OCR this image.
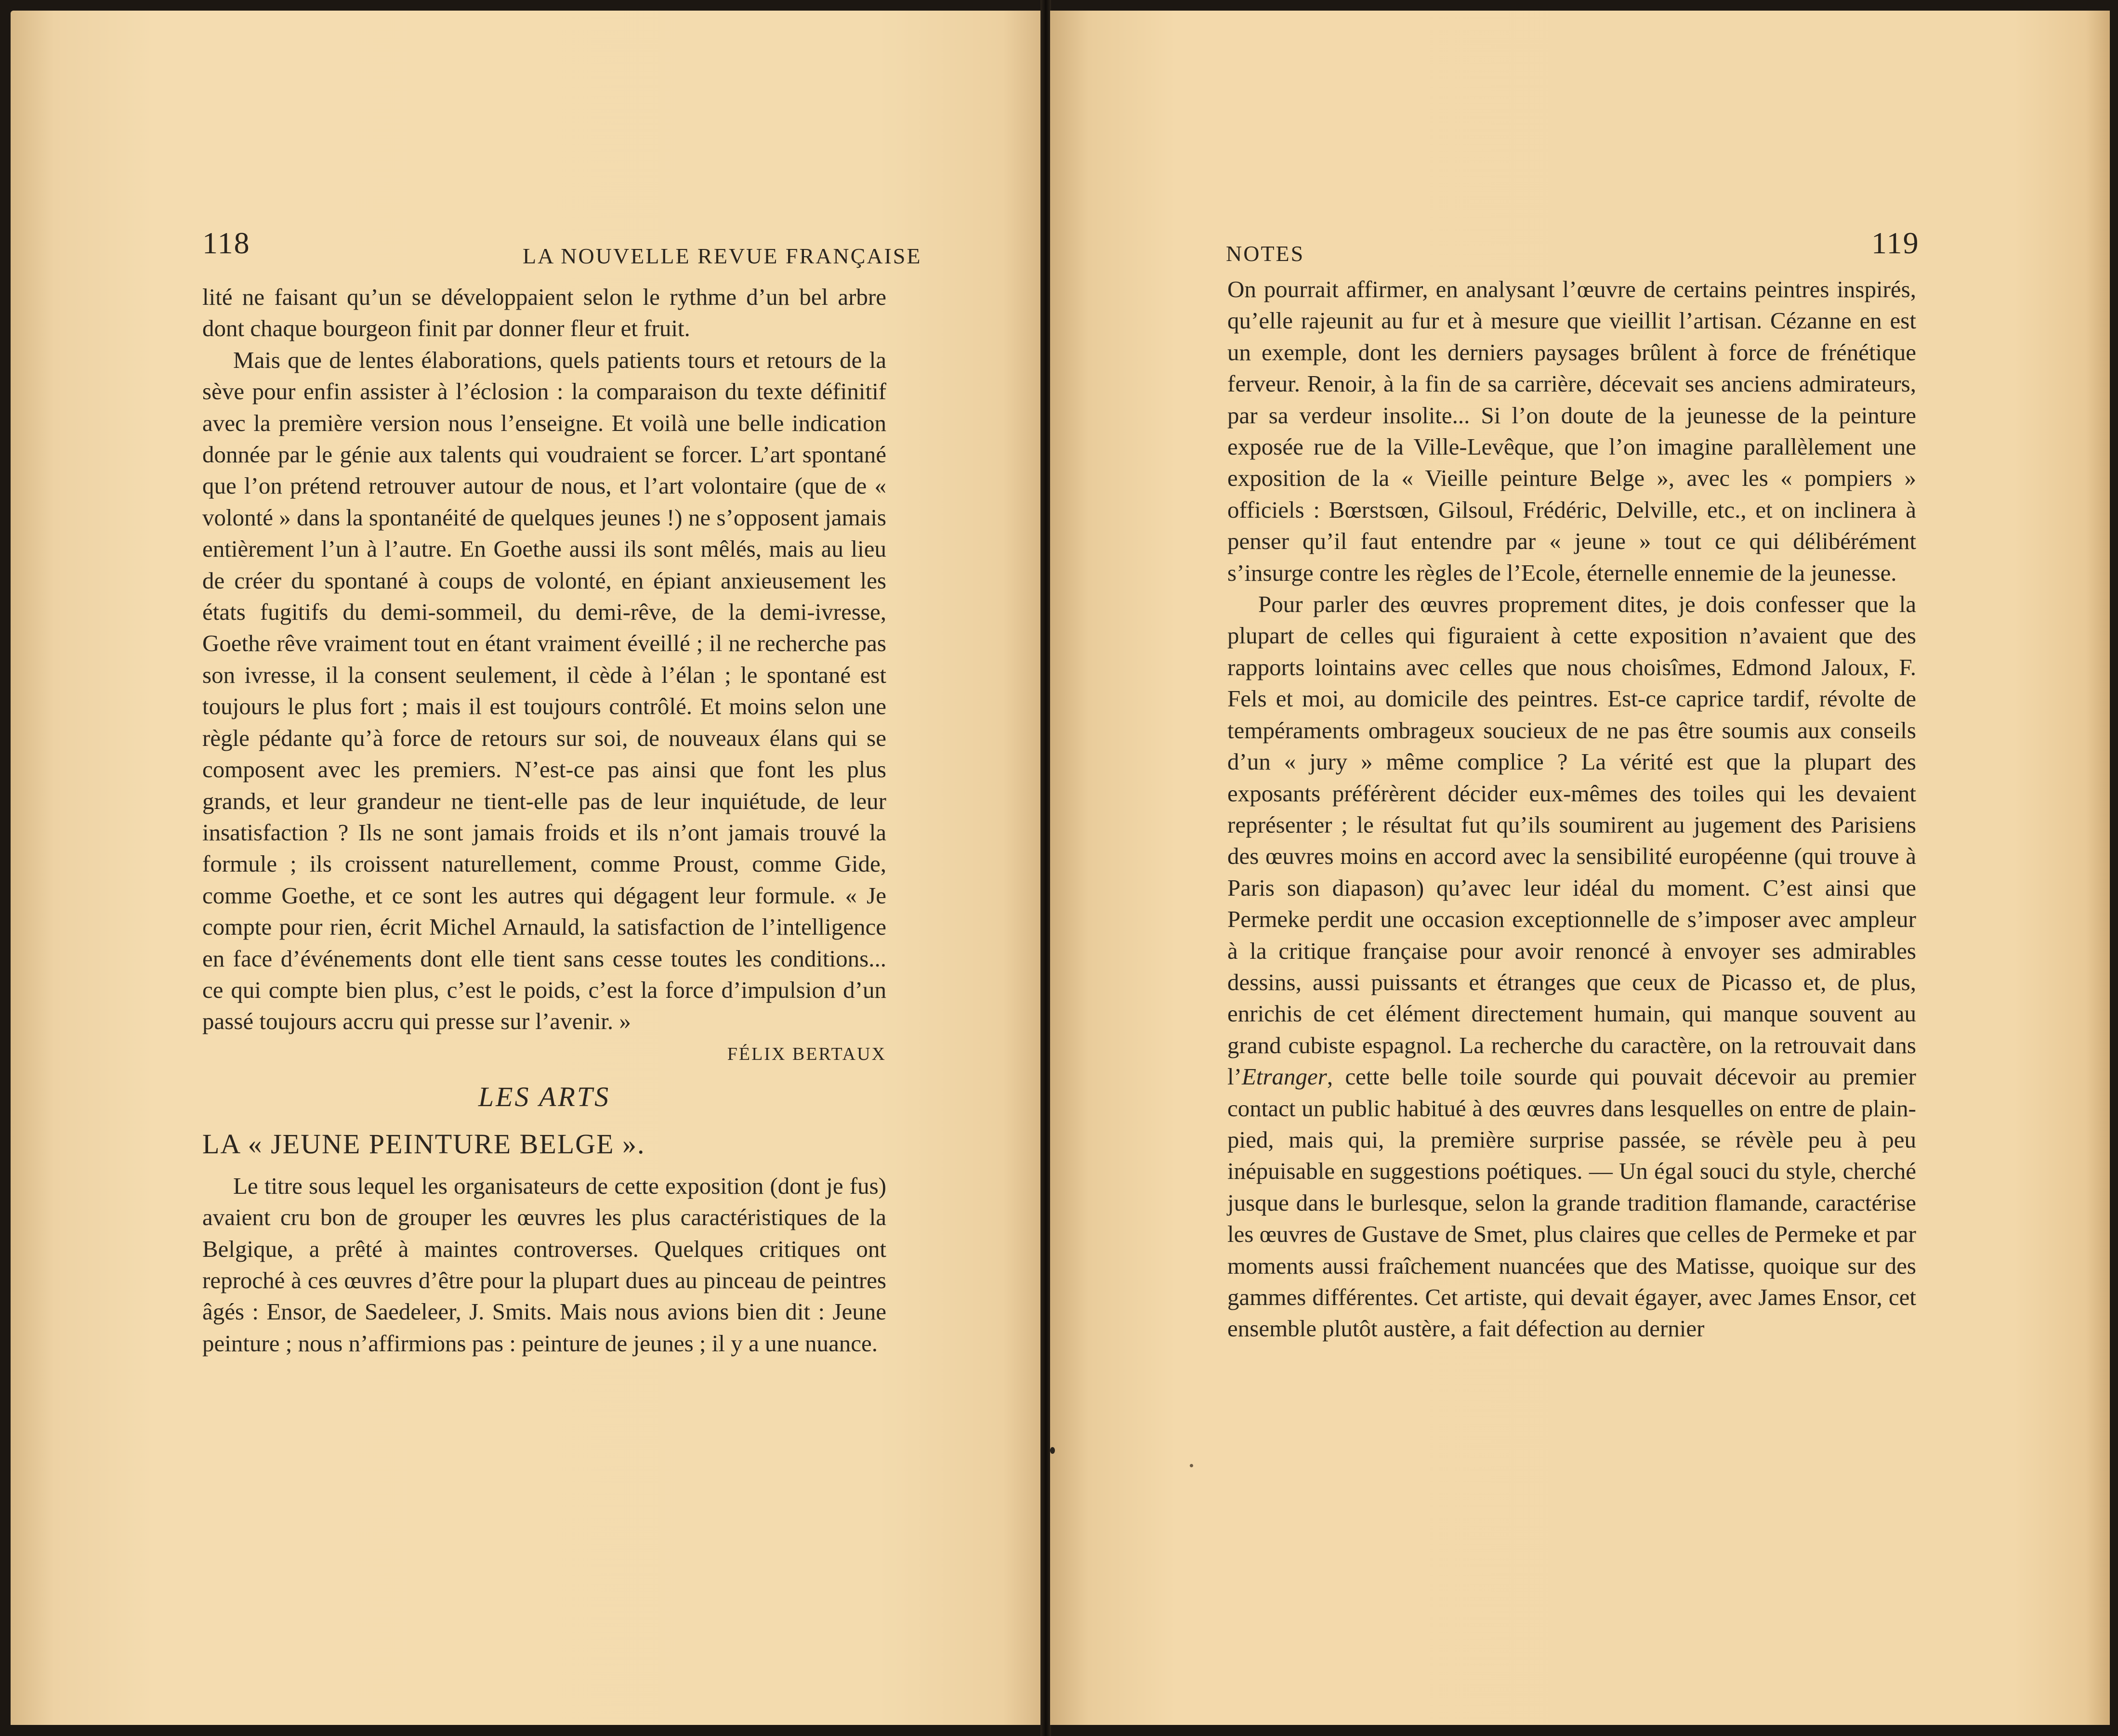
118	LA NOUVELLE REVUE FRANÇAISE

lité ne faisant qu’un se développaient selon le rythme d’un bel arbre dont chaque bourgeon finit par donner fleur et fruit.

Mais que de lentes élaborations, quels patients tours et retours de la sève pour enfin assister à l’éclosion : la comparaison du texte définitif avec la première version nous l’enseigne. Et voilà une belle indication donnée par le génie aux talents qui voudraient se forcer. L’art spontané que l’on prétend retrouver autour de nous, et l’art volontaire (que de « volonté » dans la spontanéité de quelques jeunes !) ne s’opposent jamais entièrement l’un à l’autre. En Goethe aussi ils sont mêlés, mais au lieu de créer du spontané à coups de volonté, en épiant anxieusement les états fugitifs du demi-sommeil, du demi-rêve, de la demi-ivresse, Goethe rêve vraiment tout en étant vraiment éveillé ; il ne recherche pas son ivresse, il la consent seulement, il cède à l’élan ; le spontané est toujours le plus fort ; mais il est toujours contrôlé. Et moins selon une règle pédante qu’à force de retours sur soi, de nouveaux élans qui se composent avec les premiers. N’est-ce pas ainsi que font les plus grands, et leur grandeur ne tient-elle pas de leur inquiétude, de leur insatisfaction ? Ils ne sont jamais froids et ils n’ont jamais trouvé la formule ; ils croissent naturellement, comme Proust, comme Gide, comme Goethe, et ce sont les autres qui dégagent leur formule. « Je compte pour rien, écrit Michel Arnauld, la satisfaction de l’intelligence en face d’événements dont elle tient sans cesse toutes les conditions... ce qui compte bien plus, c’est le poids, c’est la force d’impulsion d’un passé toujours accru qui presse sur l’avenir. »

FÉLIX BERTAUX
LES ARTS
LA « JEUNE PEINTURE BELGE ».

Le titre sous lequel les organisateurs de cette exposition (dont je fus) avaient cru bon de grouper les œuvres les plus caractéristiques de la Belgique, a prêté à maintes controverses. Quelques critiques ont reproché à ces œuvres d’être pour la plupart dues au pinceau de peintres âgés : Ensor, de Saedeleer, J. Smits. Mais nous avions bien dit : Jeune peinture ; nous n’affirmions pas : peinture de jeunes ; il y a une nuance.

NOTES	119

On pourrait affirmer, en analysant l’œuvre de certains peintres inspirés, qu’elle rajeunit au fur et à mesure que vieillit l’artisan. Cézanne en est un exemple, dont les derniers paysages brûlent à force de frénétique ferveur. Renoir, à la fin de sa carrière, décevait ses anciens admirateurs, par sa verdeur insolite... Si l’on doute de la jeunesse de la peinture exposée rue de la Ville-Levêque, que l’on imagine parallèlement une exposition de la « Vieille peinture Belge », avec les « pompiers » officiels : Bœrstsœn, Gilsoul, Frédéric, Delville, etc., et on inclinera à penser qu’il faut entendre par « jeune » tout ce qui délibérément s’insurge contre les règles de l’Ecole, éternelle ennemie de la jeunesse.

Pour parler des œuvres proprement dites, je dois confesser que la plupart de celles qui figuraient à cette exposition n’avaient que des rapports lointains avec celles que nous choisîmes, Edmond Jaloux, F. Fels et moi, au domicile des peintres. Est-ce caprice tardif, révolte de tempéraments ombrageux soucieux de ne pas être soumis aux conseils d’un « jury » même complice ? La vérité est que la plupart des exposants préférèrent décider eux-mêmes des toiles qui les devaient représenter ; le résultat fut qu’ils soumirent au jugement des Parisiens des œuvres moins en accord avec la sensibilité européenne (qui trouve à Paris son diapason) qu’avec leur idéal du moment. C’est ainsi que Permeke perdit une occasion exceptionnelle de s’imposer avec ampleur à la critique française pour avoir renoncé à envoyer ses admirables dessins, aussi puissants et étranges que ceux de Picasso et, de plus, enrichis de cet élément directement humain, qui manque souvent au grand cubiste espagnol. La recherche du caractère, on la retrouvait dans l’Etranger, cette belle toile sourde qui pouvait décevoir au premier contact un public habitué à des œuvres dans lesquelles on entre de plain-pied, mais qui, la première surprise passée, se révèle peu à peu inépuisable en suggestions poétiques. — Un égal souci du style, cherché jusque dans le burlesque, selon la grande tradition flamande, caractérise les œuvres de Gustave de Smet, plus claires que celles de Permeke et par moments aussi fraîchement nuancées que des Matisse, quoique sur des gammes différentes. Cet artiste, qui devait égayer, avec James Ensor, cet ensemble plutôt austère, a fait défection au dernier
